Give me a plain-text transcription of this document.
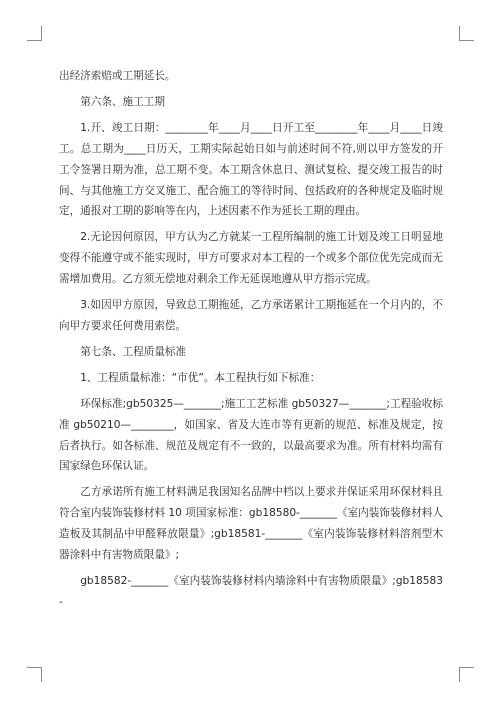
出经济索赔或工期延长。

第六条、施工工期

1.开、竣工日期：________年____月____日开工至________年____月____日竣工。总工期为____日历天，工期实际起始日如与前述时间不符,则以甲方签发的开工令签署日期为准，总工期不变。本工期含休息日、测试复检、提交竣工报告的时间、与其他施工方交叉施工、配合施工的等待时间、包括政府的各种规定及临时规定，通报对工期的影响等在内，上述因素不作为延长工期的理由。

2.无论因何原因，甲方认为乙方就某一工程所编制的施工计划及竣工日明显地变得不能遵守或不能实现时，甲方可要求对本工程的一个或多个部位优先完成而无需增加费用。乙方须无偿地对剩余工作无延误地遵从甲方指示完成。

3.如因甲方原因，导致总工期拖延，乙方承诺累计工期拖延在一个月内的，不向甲方要求任何费用索偿。

第七条、工程质量标准

1、工程质量标准：“市优”。本工程执行如下标准：

环保标准;gb50325—_______;施工工艺标准 gb50327—_______;工程验收标准 gb50210—________，如国家、省及大连市等有更新的规范、标准及规定，按后者执行。如各标准、规范及规定有不一致的，以最高要求为准。所有材料均需有国家绿色环保认证。

乙方承诺所有施工材料满足我国知名品牌中档以上要求并保证采用环保材料且符合室内装饰装修材料 10 项国家标准：gb18580-_______《室内装饰装修材料人造板及其制品中甲醛释放限量》;gb18581-_______《室内装饰装修材料溶剂型木器涂料中有害物质限量》;

gb18582-_______《室内装饰装修材料内墙涂料中有害物质限量》;gb18583-
